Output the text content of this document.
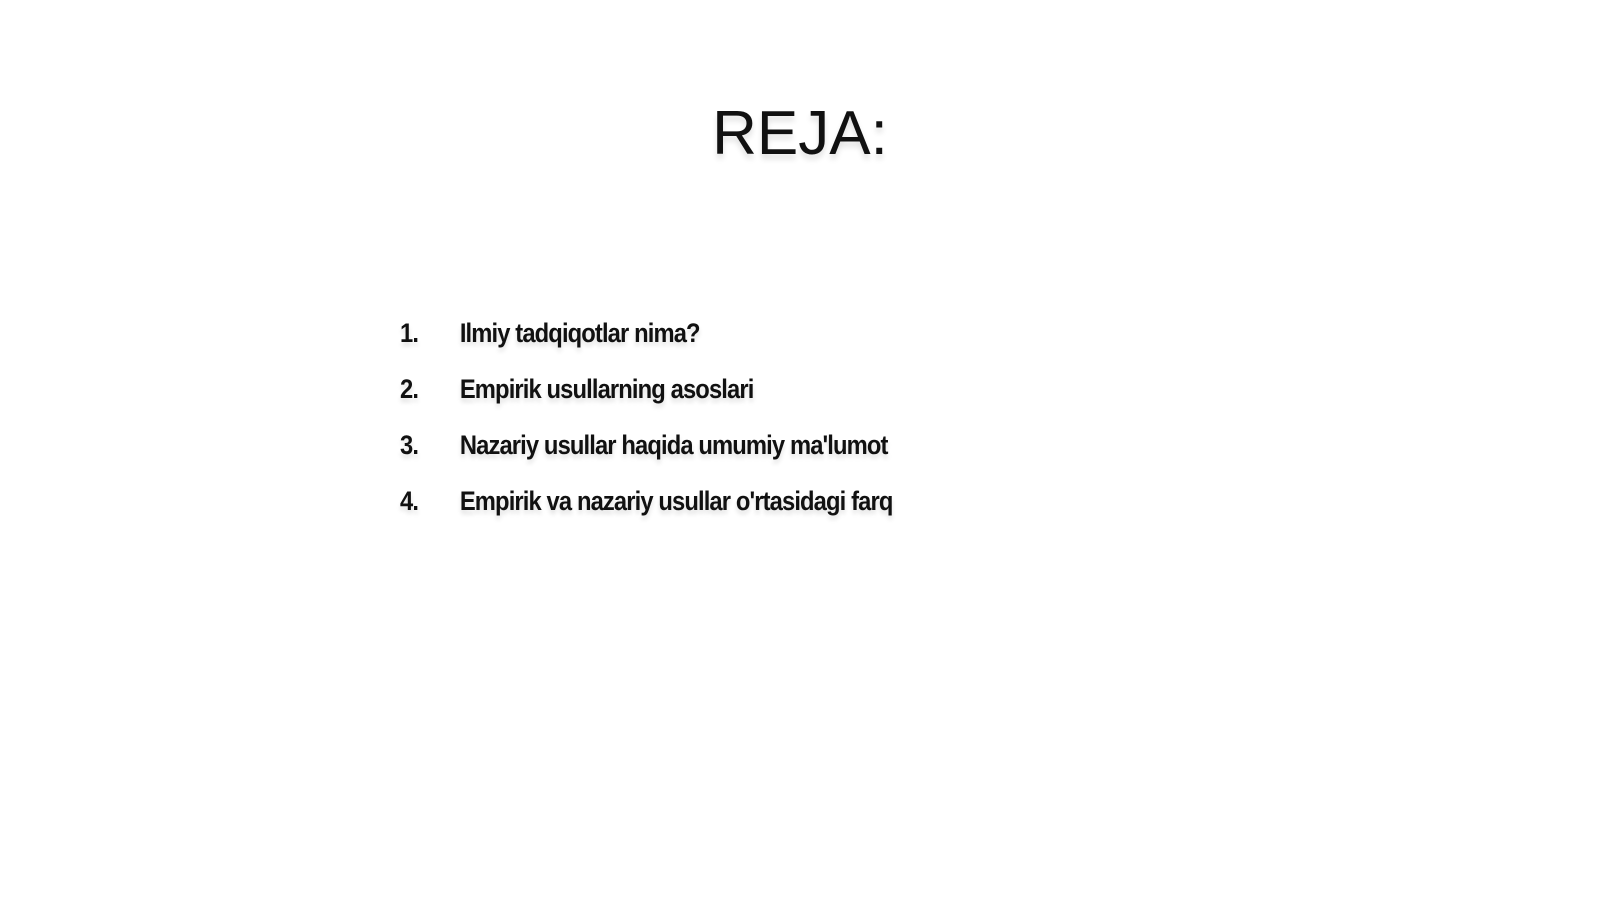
REJA:
1.	Ilmiy tadqiqotlar nima?
2.	Empirik usullarning asoslari
3.	Nazariy usullar haqida umumiy ma'lumot
4.	Empirik va nazariy usullar o'rtasidagi farq
